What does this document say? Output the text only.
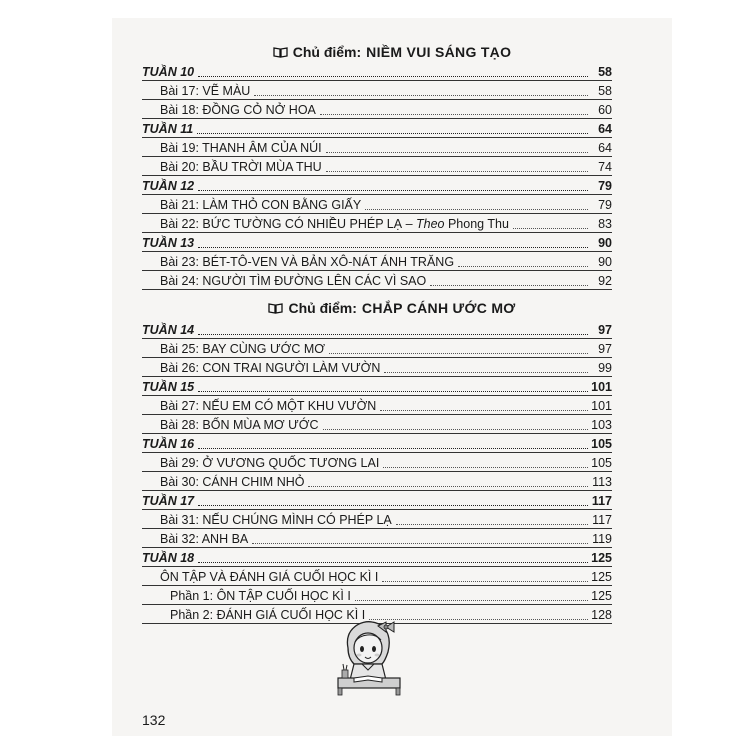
Chủ điểm: NIỀM VUI SÁNG TẠO
TUẦN 10	58
Bài 17: VẼ MÀU	58
Bài 18: ĐỒNG CỎ NỞ HOA	60
TUẦN 11	64
Bài 19: THANH ÂM CỦA NÚI	64
Bài 20: BẦU TRỜI MÙA THU	74
TUẦN 12	79
Bài 21: LÀM THỎ CON BẰNG GIẤY	79
Bài 22: BỨC TƯỜNG CÓ NHIỀU PHÉP LẠ – Theo Phong Thu	83
TUẦN 13	90
Bài 23: BÉT-TÔ-VEN VÀ BẢN XÔ-NÁT ÁNH TRĂNG	90
Bài 24: NGƯỜI TÌM ĐƯỜNG LÊN CÁC VÌ SAO	92
Chủ điểm: CHẮP CÁNH ƯỚC MƠ
TUẦN 14	97
Bài 25: BAY CÙNG ƯỚC MƠ	97
Bài 26: CON TRAI NGƯỜI LÀM VƯỜN	99
TUẦN 15	101
Bài 27: NẾU EM CÓ MỘT KHU VƯỜN	101
Bài 28: BỐN MÙA MƠ ƯỚC	103
TUẦN 16	105
Bài 29: Ở VƯƠNG QUỐC TƯƠNG LAI	105
Bài 30: CÁNH CHIM NHỎ	113
TUẦN 17	117
Bài 31: NẾU CHÚNG MÌNH CÓ PHÉP LẠ	117
Bài 32: ANH BA	119
TUẦN 18	125
ÔN TẬP VÀ ĐÁNH GIÁ CUỐI HỌC KÌ I	125
Phần 1: ÔN TẬP CUỐI HỌC KÌ I	125
Phần 2: ĐÁNH GIÁ CUỐI HỌC KÌ I	128
132
